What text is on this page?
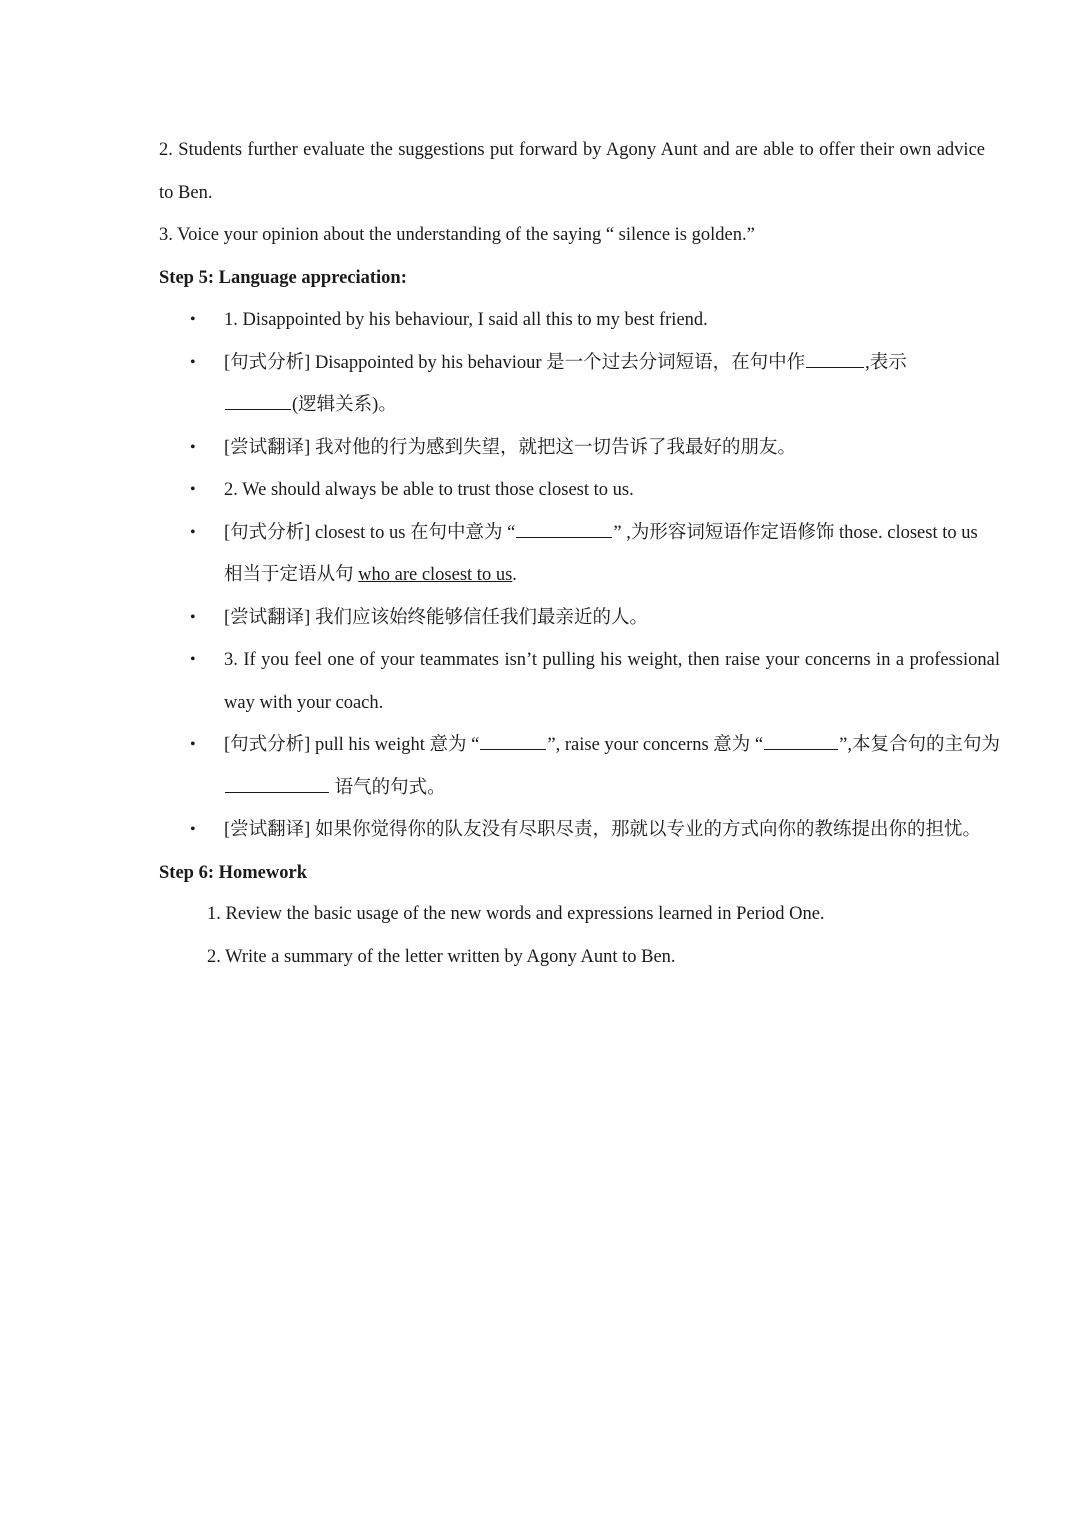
2. Students further evaluate the suggestions put forward by Agony Aunt and are able to offer their own advice to Ben.

3. Voice your opinion about the understanding of the saying “ silence is golden.”

Step 5: Language appreciation:

• 1. Disappointed by his behaviour, I said all this to my best friend.
• [句式分析] Disappointed by his behaviour 是一个过去分词短语，在句中作	,表示
(逻辑关系)。
• [尝试翻译] 我对他的行为感到失望，就把这一切告诉了我最好的朋友。
• 2. We should always be able to trust those closest to us.
• [句式分析] closest to us 在句中意为 “	” ,为形容词短语作定语修饰 those. closest to us 相当于定语从句 who are closest to us.
• [尝试翻译] 我们应该始终能够信任我们最亲近的人。
• 3. If you feel one of your teammates isn’t pulling his weight, then raise your concerns in a professional way with your coach.
• [句式分析] pull his weight 意为 “	”, raise your concerns 意为 “	”,本复合句的主句为 语气的句式。
• [尝试翻译] 如果你觉得你的队友没有尽职尽责，那就以专业的方式向你的教练提出你的担忧。

Step 6: Homework

1. Review the basic usage of the new words and expressions learned in Period One.

2. Write a summary of the letter written by Agony Aunt to Ben.
